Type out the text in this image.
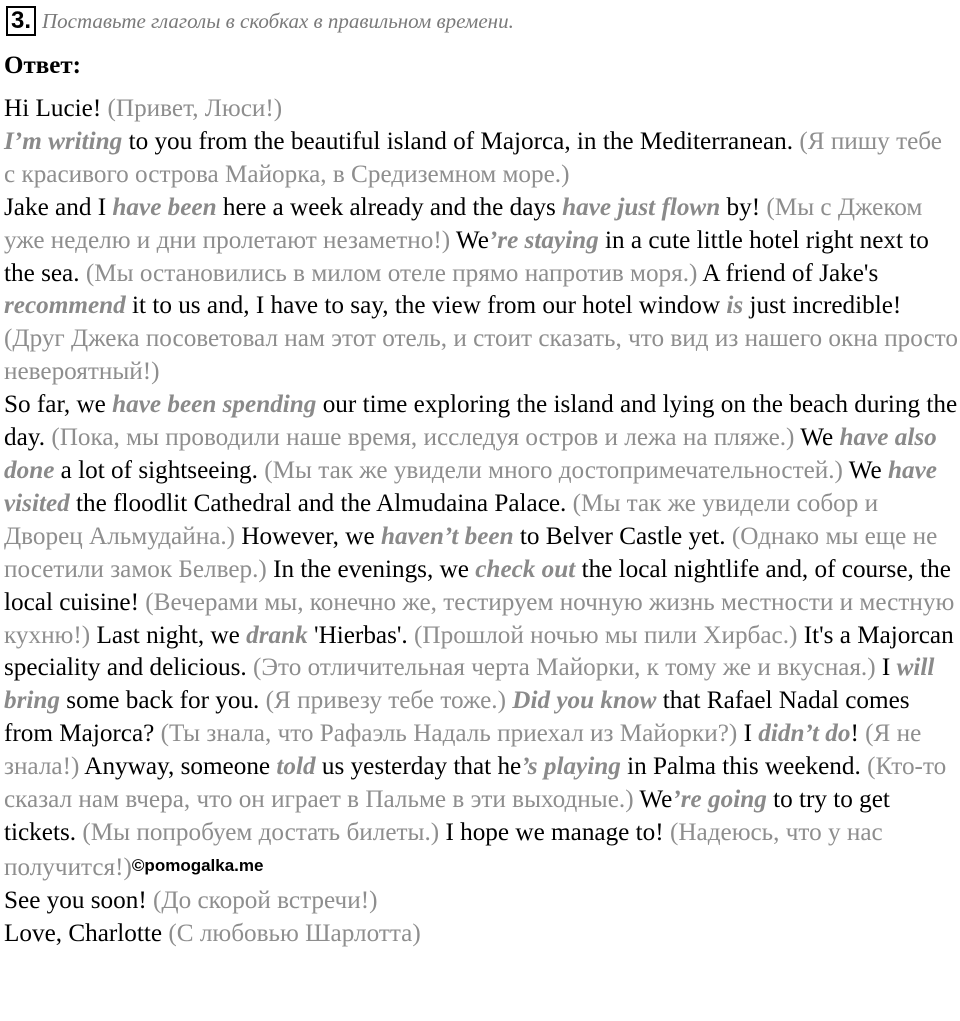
3. Поставьте глаголы в скобках в правильном времени.
Ответ:

Hi Lucie! (Привет, Люси!)

I’m writing to you from the beautiful island of Majorca, in the Mediterranean. (Я пишу тебе с красивого острова Майорка, в Средиземном море.)

Jake and I have been here a week already and the days have just flown by! (Мы с Джеком уже неделю и дни пролетают незаметно!) We’re staying in a cute little hotel right next to the sea. (Мы остановились в милом отеле прямо напротив моря.) A friend of Jake's recommend it to us and, I have to say, the view from our hotel window is just incredible! (Друг Джека посоветовал нам этот отель, и стоит сказать, что вид из нашего окна просто невероятный!)

So far, we have been spending our time exploring the island and lying on the beach during the day. (Пока, мы проводили наше время, исследуя остров и лежа на пляже.) We have also done a lot of sightseeing. (Мы так же увидели много достопримечательностей.) We have visited the floodlit Cathedral and the Almudaina Palace. (Мы так же увидели собор и Дворец Альмудайна.) However, we haven’t been to Belver Castle yet. (Однако мы еще не посетили замок Белвер.) In the evenings, we check out the local nightlife and, of course, the local cuisine! (Вечерами мы, конечно же, тестируем ночную жизнь местности и местную кухню!) Last night, we drank 'Hierbas'. (Прошлой ночью мы пили Хирбас.) It's a Majorcan speciality and delicious. (Это отличительная черта Майорки, к тому же и вкусная.) I will bring some back for you. (Я привезу тебе тоже.) Did you know that Rafael Nadal comes from Majorca? (Ты знала, что Рафаэль Надаль приехал из Майорки?) I didn’t do! (Я не знала!) Anyway, someone told us yesterday that he’s playing in Palma this weekend. (Кто-то сказал нам вчера, что он играет в Пальме в эти выходные.) We’re going to try to get tickets. (Мы попробуем достать билеты.) I hope we manage to! (Надеюсь, что у нас получится!)©pomogalka.me

See you soon! (До скорой встречи!)

Love, Charlotte (С любовью Шарлотта)
